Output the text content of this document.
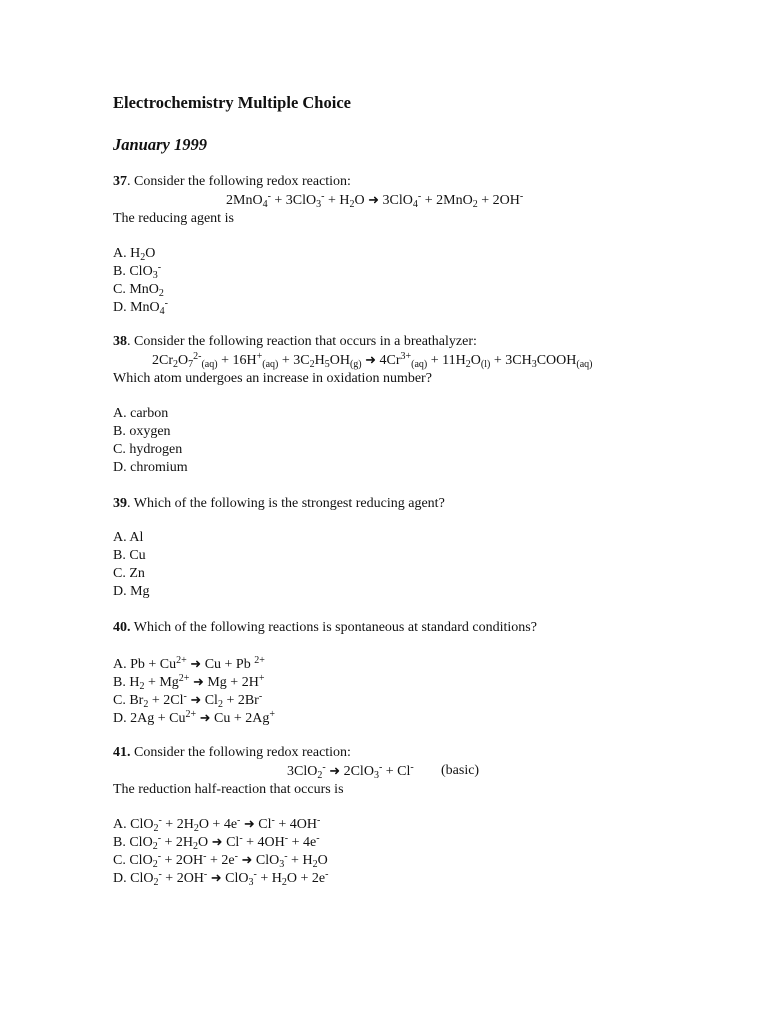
Electrochemistry Multiple Choice
January 1999
37. Consider the following redox reaction:
$2MnO_4^- + 3ClO_3^- + H_2O$ ➜ 3ClO$_4$- + 2MnO$_2$ + 2OH-
The reducing agent is
A. $H_2O$
B. ClO$_3$-
C. MnO$_2$
D. MnO$_4$-
38. Consider the following reaction that occurs in a breathalyzer:
$2Cr_2O_7^{2-}_{(aq)} + 16H^+_{(aq)} + 3C_2H_5OH_{(g)}$ ➜ $4Cr^{3+}_{(aq)} + 11H_2O_{(l)}$ + $3CH_3COOH_{(aq)}$
Which atom undergoes an increase in oxidation number?
A. carbon
B. oxygen
C. hydrogen
D. chromium
39. Which of the following is the strongest reducing agent?
A. Al
B. Cu
C. Zn
D. Mg
40. Which of the following reactions is spontaneous at standard conditions?
A. $Pb + Cu^{2+}$ ➜ Cu + Pb $^{2+}$
B. $H_2 + Mg^{2+}$ ➜ Mg + 2H+
C. $Br_2 + 2Cl^-$ ➜ $Cl_2 + 2Br^-$
D. $2Ag + Cu^{2+}$ ➜ Cu + 2Ag+
41. Consider the following redox reaction:
3ClO$_2$- ➜ 2ClO$_3$- + Cl- (basic)
The reduction half-reaction that occurs is
A. $ClO_2^- + 2H_2O + 4e^-$ ➜ Cl- + 4OH-
B. $ClO_2^- + 2H_2O$ ➜ Cl- + 4OH- + 4e-
C. ClO$_2$- + 2OH- + 2e- ➜ $ClO_3^- + H_2O$
D. ClO$_2$- + 2OH- ➜ $ClO_3^- + H_2O + 2e^-$
